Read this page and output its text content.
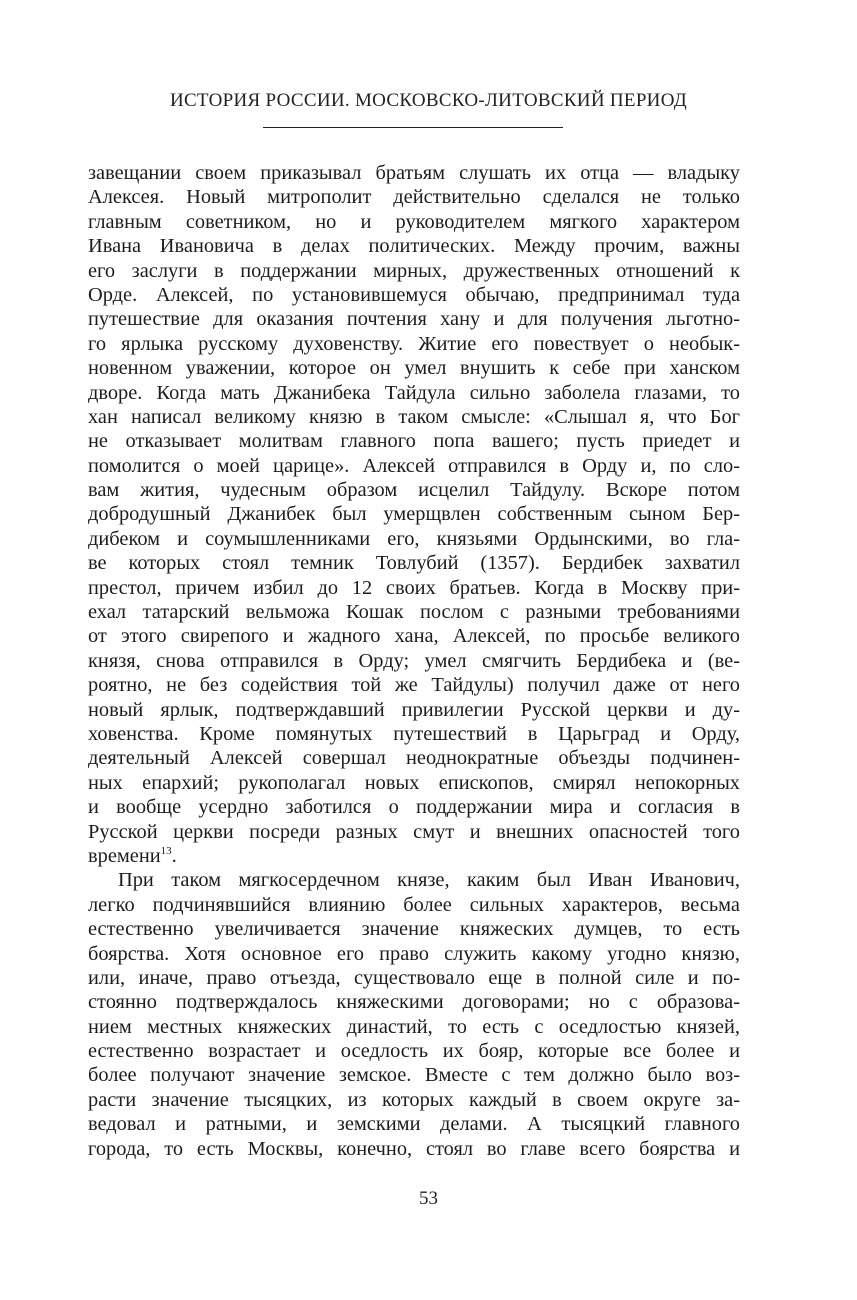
ИСТОРИЯ РОССИИ. МОСКОВСКО-ЛИТОВСКИЙ ПЕРИОД
завещании своем приказывал братьям слушать их отца — владыку
Алексея. Новый митрополит действительно сделался не только
главным советником, но и руководителем мягкого характером
Ивана Ивановича в делах политических. Между прочим, важны
его заслуги в поддержании мирных, дружественных отношений к
Орде. Алексей, по установившемуся обычаю, предпринимал туда
путешествие для оказания почтения хану и для получения льготно-
го ярлыка русскому духовенству. Житие его повествует о необык-
новенном уважении, которое он умел внушить к себе при ханском
дворе. Когда мать Джанибека Тайдула сильно заболела глазами, то
хан написал великому князю в таком смысле: «Слышал я, что Бог
не отказывает молитвам главного попа вашего; пусть приедет и
помолится о моей царице». Алексей отправился в Орду и, по сло-
вам жития, чудесным образом исцелил Тайдулу. Вскоре потом
добродушный Джанибек был умерщвлен собственным сыном Бер-
дибеком и соумышленниками его, князьями Ордынскими, во гла-
ве которых стоял темник Товлубий (1357). Бердибек захватил
престол, причем избил до 12 своих братьев. Когда в Москву при-
ехал татарский вельможа Кошак послом с разными требованиями
от этого свирепого и жадного хана, Алексей, по просьбе великого
князя, снова отправился в Орду; умел смягчить Бердибека и (ве-
роятно, не без содействия той же Тайдулы) получил даже от него
новый ярлык, подтверждавший привилегии Русской церкви и ду-
ховенства. Кроме помянутых путешествий в Царьград и Орду,
деятельный Алексей совершал неоднократные объезды подчинен-
ных епархий; рукополагал новых епископов, смирял непокорных
и вообще усердно заботился о поддержании мира и согласия в
Русской церкви посреди разных смут и внешних опасностей того
времени$^{13}$.
При таком мягкосердечном князе, каким был Иван Иванович,
легко подчинявшийся влиянию более сильных характеров, весьма
естественно увеличивается значение княжеских думцев, то есть
боярства. Хотя основное его право служить какому угодно князю,
или, иначе, право отъезда, существовало еще в полной силе и по-
стоянно подтверждалось княжескими договорами; но с образова-
нием местных княжеских династий, то есть с оседлостью князей,
естественно возрастает и оседлость их бояр, которые все более и
более получают значение земское. Вместе с тем должно было воз-
расти значение тысяцких, из которых каждый в своем округе за-
ведовал и ратными, и земскими делами. А тысяцкий главного
города, то есть Москвы, конечно, стоял во главе всего боярства и
53
